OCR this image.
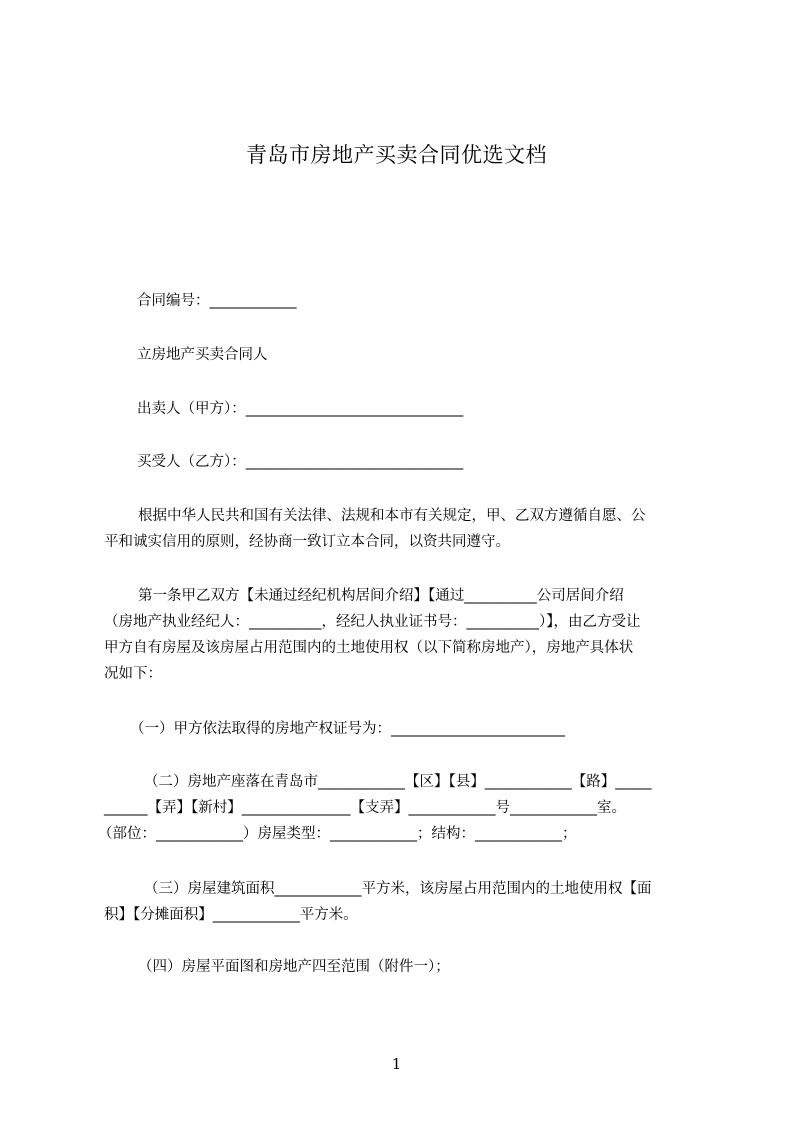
青岛市房地产买卖合同优选文档

合同编号：____________

立房地产买卖合同人

出卖人（甲方）：______________________________

买受人（乙方）：______________________________

根据中华人民共和国有关法律、法规和本市有关规定，甲、乙双方遵循自愿、公
平和诚实信用的原则，经协商一致订立本合同，以资共同遵守。
第一条甲乙双方【未通过经纪机构居间介绍】【通过__________公司居间介绍
（房地产执业经纪人：__________，经纪人执业证书号：__________）】，由乙方受让
甲方自有房屋及该房屋占用范围内的土地使用权（以下简称房地产），房地产具体状
况如下：

（一）甲方依法取得的房地产权证号为：________________________

（二）房地产座落在青岛市____________【区】【县】____________【路】_____
______【弄】【新村】_______________【支弄】____________号____________室。
（部位：____________）房屋类型：____________；结构：____________；
（三）房屋建筑面积____________平方米，该房屋占用范围内的土地使用权【面
积】【分摊面积】____________平方米。

（四）房屋平面图和房地产四至范围（附件一）；

1
